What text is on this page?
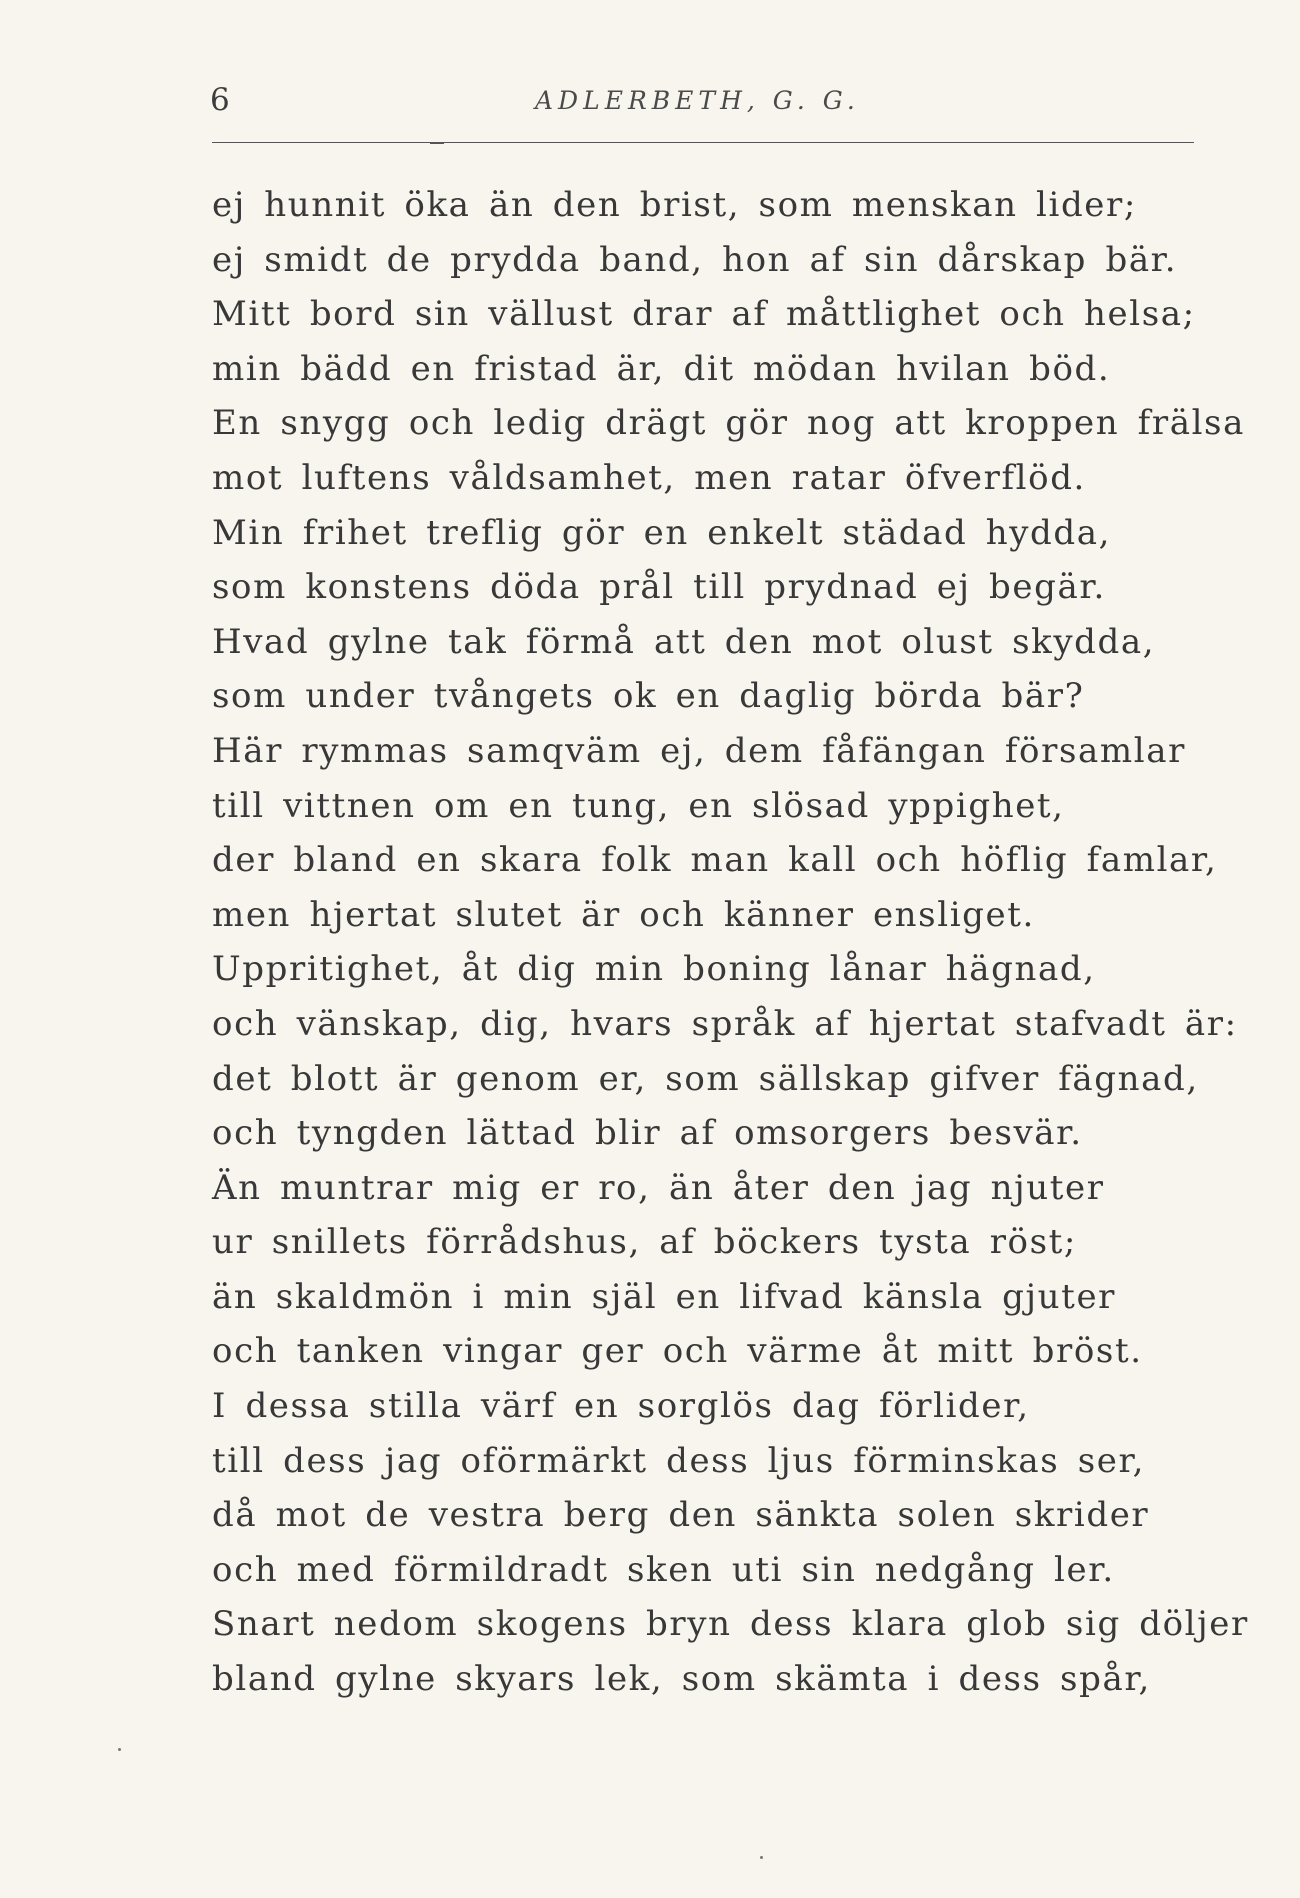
6	ADLERBETH, G. G.
ej hunnit öka än den brist, som menskan lider;
ej smidt de prydda band, hon af sin dårskap bär.
Mitt bord sin vällust drar af måttlighet och helsa;
min bädd en fristad är, dit mödan hvilan böd.
En snygg och ledig drägt gör nog att kroppen frälsa
mot luftens våldsamhet, men ratar öfverflöd.
Min frihet treflig gör en enkelt städad hydda,
som konstens döda prål till prydnad ej begär.
Hvad gylne tak förmå att den mot olust skydda,
som under tvångets ok en daglig börda bär?
Här rymmas samqväm ej, dem fåfängan församlar
till vittnen om en tung, en slösad yppighet,
der bland en skara folk man kall och höflig famlar,
men hjertat slutet är och känner ensliget.
Uppritighet, åt dig min boning lånar hägnad,
och vänskap, dig, hvars språk af hjertat stafvadt är:
det blott är genom er, som sällskap gifver fägnad,
och tyngden lättad blir af omsorgers besvär.
Än muntrar mig er ro, än åter den jag njuter
ur snillets förrådshus, af böckers tysta röst;
än skaldmön i min själ en lifvad känsla gjuter
och tanken vingar ger och värme åt mitt bröst.
I dessa stilla värf en sorglös dag förlider,
till dess jag oförmärkt dess ljus förminskas ser,
då mot de vestra berg den sänkta solen skrider
och med förmildradt sken uti sin nedgång ler.
Snart nedom skogens bryn dess klara glob sig döljer
bland gylne skyars lek, som skämta i dess spår,
